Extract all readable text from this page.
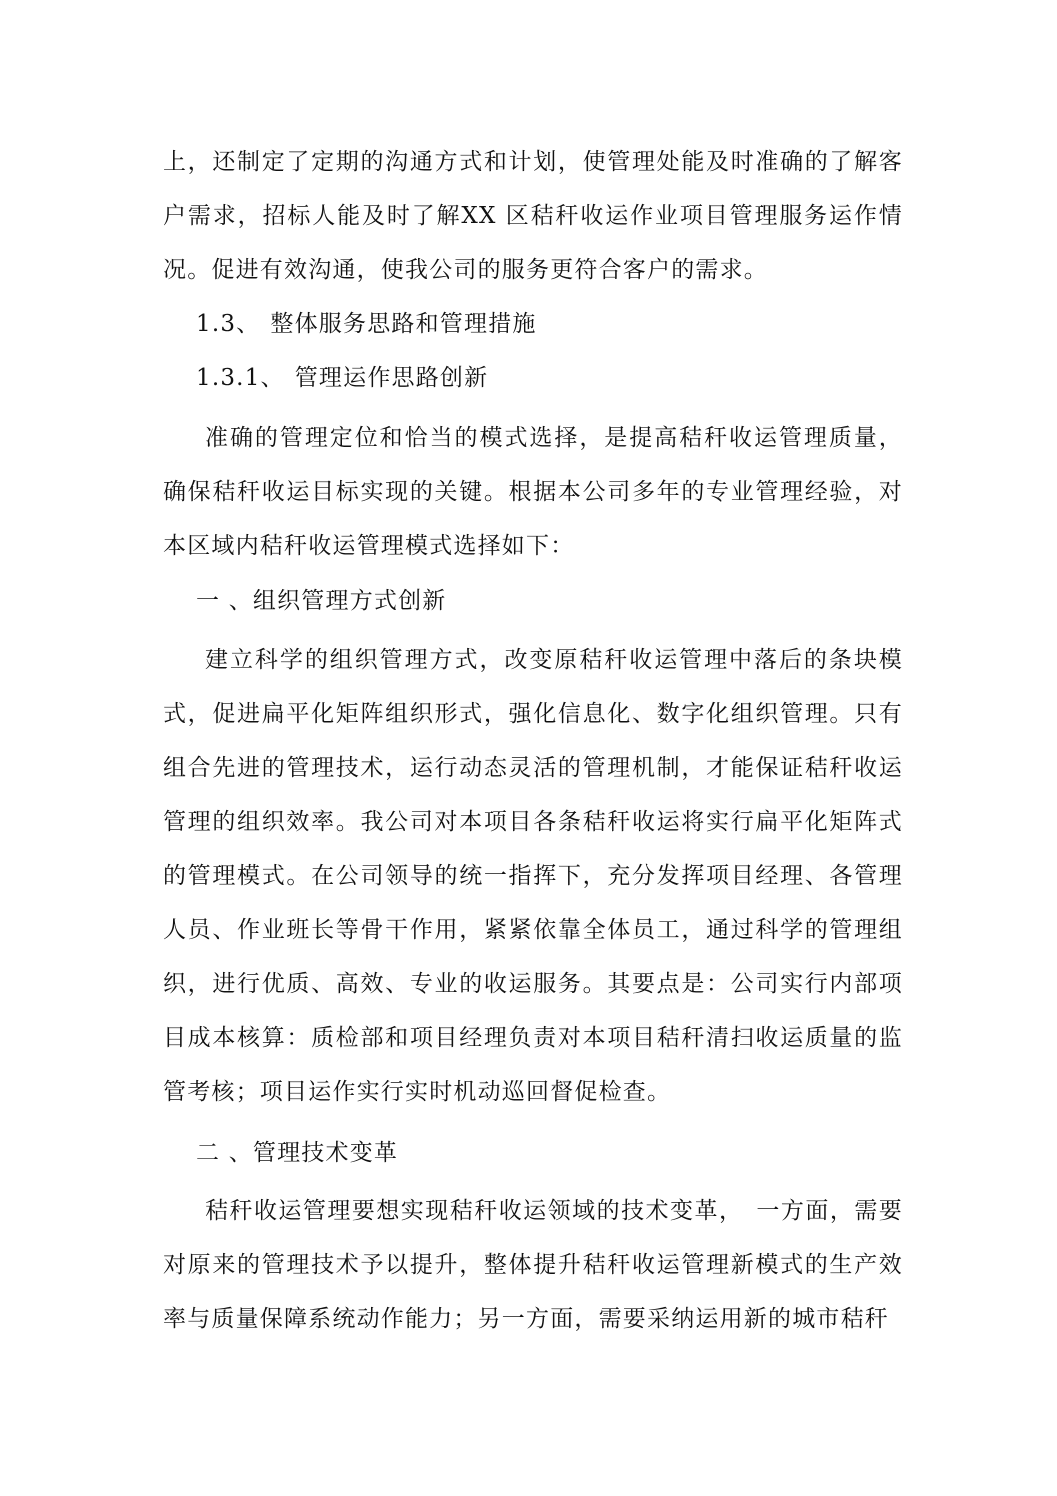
上，还制定了定期的沟通方式和计划，使管理处能及时准确的了解客户需求，招标人能及时了解XX 区秸秆收运作业项目管理服务运作情况。促进有效沟通，使我公司的服务更符合客户的需求。

1.3、 整体服务思路和管理措施

1.3.1、 管理运作思路创新

准确的管理定位和恰当的模式选择，是提高秸秆收运管理质量，确保秸秆收运目标实现的关键。根据本公司多年的专业管理经验，对本区域内秸秆收运管理模式选择如下：

一 、组织管理方式创新

建立科学的组织管理方式，改变原秸秆收运管理中落后的条块模式，促进扁平化矩阵组织形式，强化信息化、数字化组织管理。只有组合先进的管理技术，运行动态灵活的管理机制，才能保证秸秆收运管理的组织效率。我公司对本项目各条秸秆收运将实行扁平化矩阵式的管理模式。在公司领导的统一指挥下，充分发挥项目经理、各管理人员、作业班长等骨干作用，紧紧依靠全体员工，通过科学的管理组织，进行优质、高效、专业的收运服务。其要点是：公司实行内部项目成本核算：质检部和项目经理负责对本项目秸秆清扫收运质量的监管考核；项目运作实行实时机动巡回督促检查。

二 、管理技术变革

秸秆收运管理要想实现秸秆收运领域的技术变革，　一方面，需要对原来的管理技术予以提升，整体提升秸秆收运管理新模式的生产效率与质量保障系统动作能力；另一方面，需要采纳运用新的城市秸秆
